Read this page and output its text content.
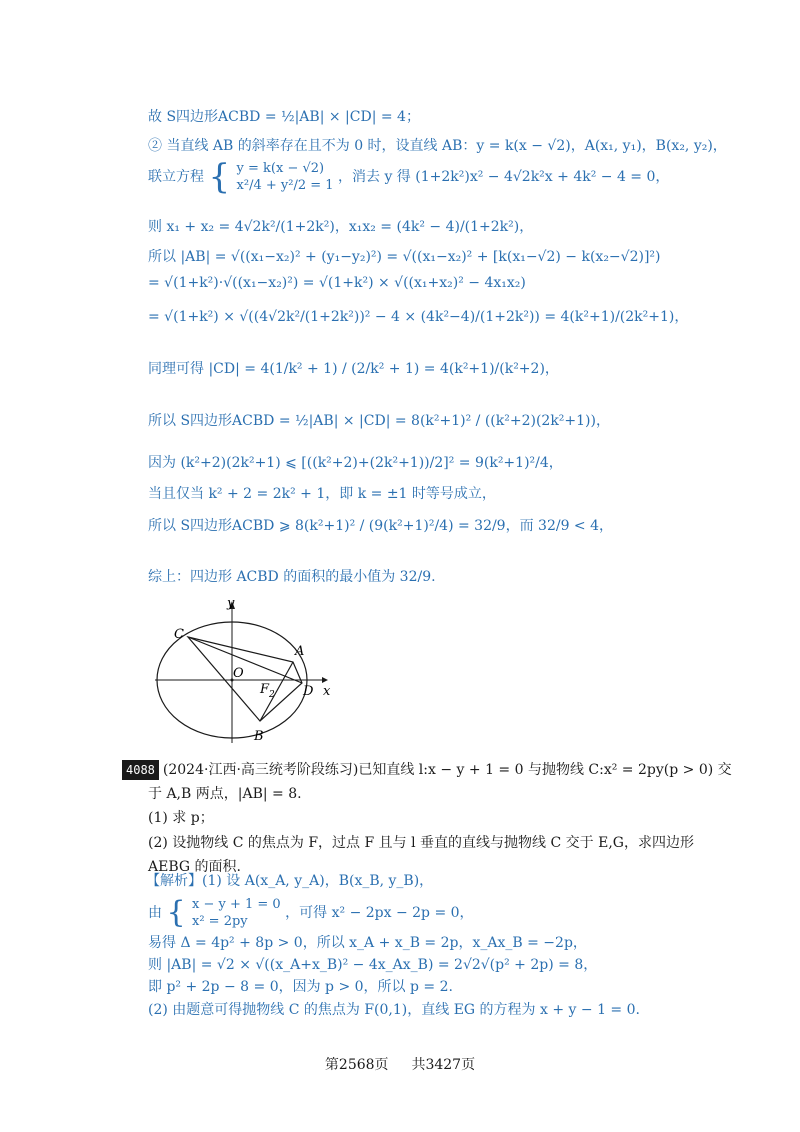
故 S四边形ACBD = ½|AB| × |CD| = 4；
② 当直线 AB 的斜率存在且不为 0 时，设直线 AB：y = k(x − √2)，A(x₁, y₁)，B(x₂, y₂)，
联立方程 { y = k(x − √2)
x²/4 + y²/2 = 1
，消去 y 得 (1+2k²)x² − 4√2k²x + 4k² − 4 = 0，
则 x₁ + x₂ = 4√2k²/(1+2k²)，x₁x₂ = (4k² − 4)/(1+2k²)，
所以 |AB| = √((x₁−x₂)² + (y₁−y₂)²) = √((x₁−x₂)² + [k(x₁−√2) − k(x₂−√2)]²)
= √(1+k²)·√((x₁−x₂)²) = √(1+k²) × √((x₁+x₂)² − 4x₁x₂)
= √(1+k²) × √((4√2k²/(1+2k²))² − 4 × (4k²−4)/(1+2k²)) = 4(k²+1)/(2k²+1)，
同理可得 |CD| = 4(1/k² + 1) / (2/k² + 1) = 4(k²+1)/(k²+2)，
所以 S四边形ACBD = ½|AB| × |CD| = 8(k²+1)² / ((k²+2)(2k²+1))，
因为 (k²+2)(2k²+1) ⩽ [((k²+2)+(2k²+1))/2]² = 9(k²+1)²/4，
当且仅当 k² + 2 = 2k² + 1，即 k = ±1 时等号成立，
所以 S四边形ACBD ⩾ 8(k²+1)² / (9(k²+1)²/4) = 32/9，而 32/9 < 4，
综上：四边形 ACBD 的面积的最小值为 32/9.
y
x
O
A
B
C
D
F 2
4088 (2024·江西·高三统考阶段练习)已知直线 l:x − y + 1 = 0 与抛物线 C:x² = 2py(p > 0) 交
于 A,B 两点，|AB| = 8.
(1) 求 p；
(2) 设抛物线 C 的焦点为 F，过点 F 且与 l 垂直的直线与抛物线 C 交于 E,G，求四边形
AEBG 的面积.
【解析】(1) 设 A(x_A, y_A)，B(x_B, y_B)，
由 { x − y + 1 = 0
x² = 2py
，可得 x² − 2px − 2p = 0，
易得 Δ = 4p² + 8p > 0，所以 x_A + x_B = 2p，x_Ax_B = −2p，
则 |AB| = √2 × √((x_A+x_B)² − 4x_Ax_B) = 2√2√(p² + 2p) = 8，
即 p² + 2p − 8 = 0，因为 p > 0，所以 p = 2.
(2) 由题意可得抛物线 C 的焦点为 F(0,1)，直线 EG 的方程为 x + y − 1 = 0.
第2568页 共3427页
